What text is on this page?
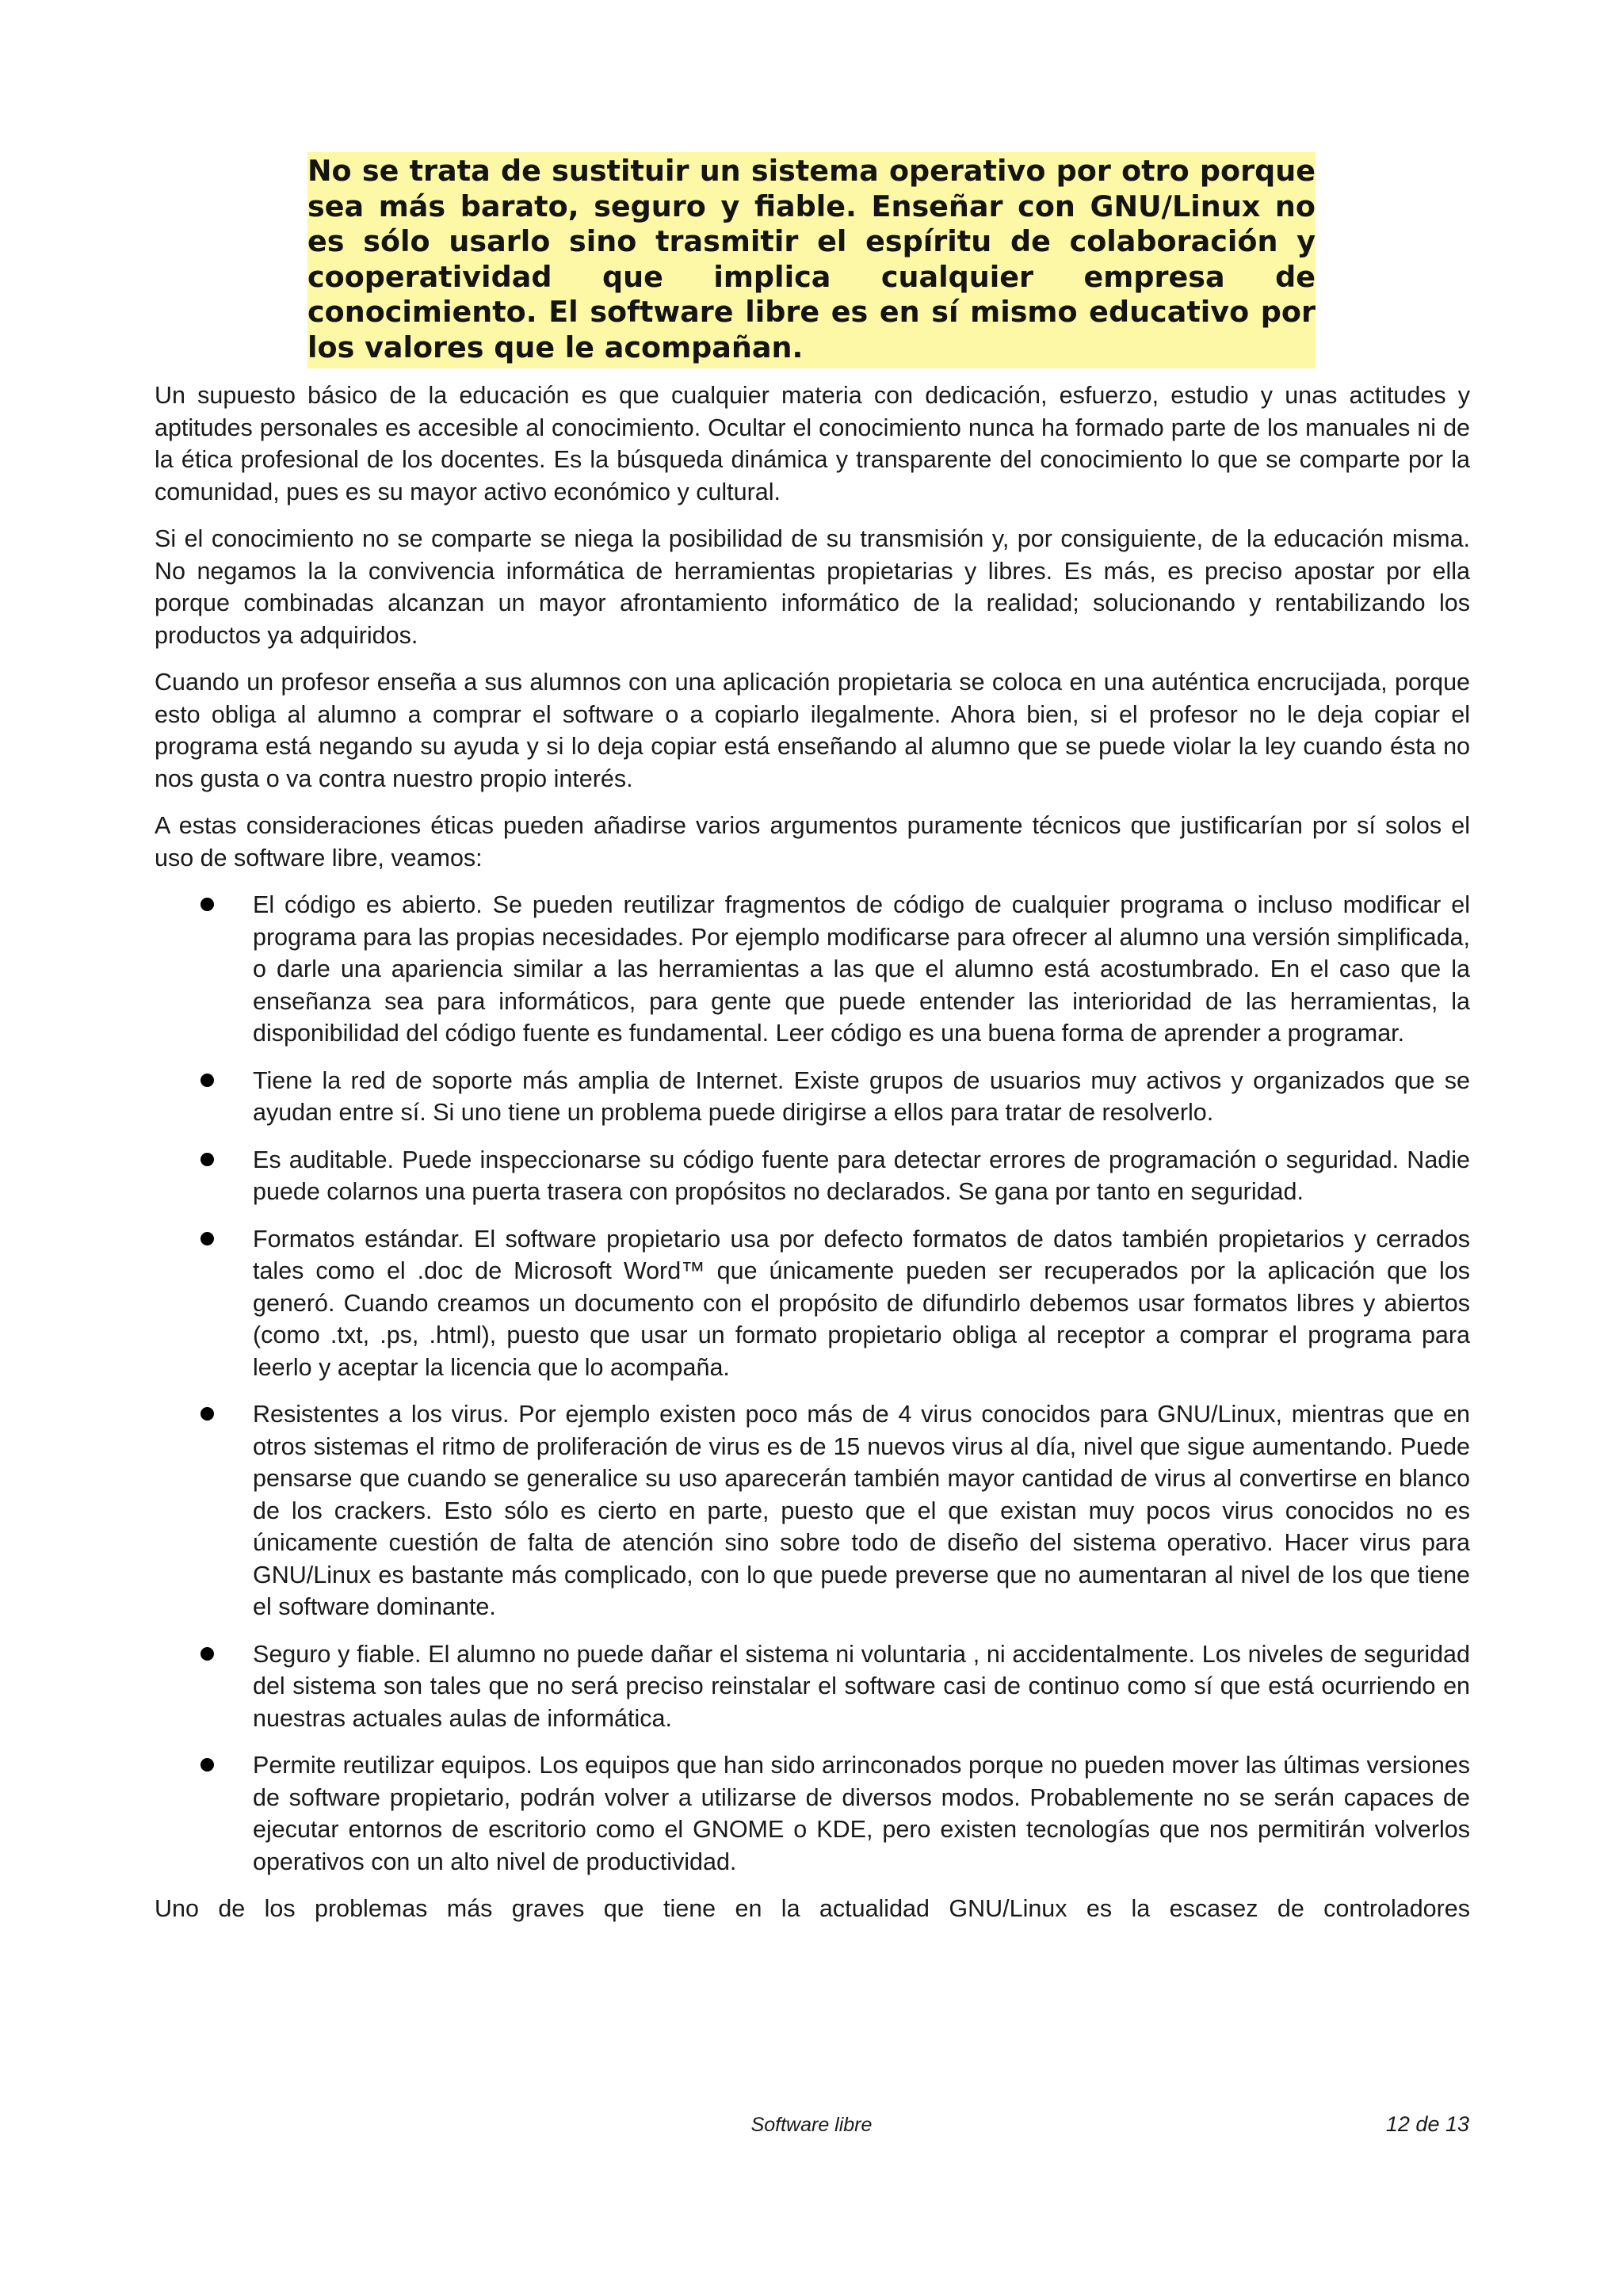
No se trata de sustituir un sistema operativo por otro porque sea más barato, seguro y fiable. Enseñar con GNU/Linux no es sólo usarlo sino trasmitir el espíritu de colaboración y cooperatividad que implica cualquier empresa de conocimiento. El software libre es en sí mismo educativo por los valores que le acompañan.

Un supuesto básico de la educación es que cualquier materia con dedicación, esfuerzo, estudio y unas actitudes y aptitudes personales es accesible al conocimiento. Ocultar el conocimiento nunca ha formado parte de los manuales ni de la ética profesional de los docentes. Es la búsqueda dinámica y transparente del conocimiento lo que se comparte por la comunidad, pues es su mayor activo económico y cultural.

Si el conocimiento no se comparte se niega la posibilidad de su transmisión y, por consiguiente, de la educación misma. No negamos la la convivencia informática de herramientas propietarias y libres. Es más, es preciso apostar por ella porque combinadas alcanzan un mayor afrontamiento informático de la realidad; solucionando y rentabilizando los productos ya adquiridos.

Cuando un profesor enseña a sus alumnos con una aplicación propietaria se coloca en una auténtica encrucijada, porque esto obliga al alumno a comprar el software o a copiarlo ilegalmente. Ahora bien, si el profesor no le deja copiar el programa está negando su ayuda y si lo deja copiar está enseñando al alumno que se puede violar la ley cuando ésta no nos gusta o va contra nuestro propio interés.

A estas consideraciones éticas pueden añadirse varios argumentos puramente técnicos que justificarían por sí solos el uso de software libre, veamos:

El código es abierto. Se pueden reutilizar fragmentos de código de cualquier programa o incluso modificar el programa para las propias necesidades. Por ejemplo modificarse para ofrecer al alumno una versión simplificada, o darle una apariencia similar a las herramientas a las que el alumno está acostumbrado. En el caso que la enseñanza sea para informáticos, para gente que puede entender las interioridad de las herramientas, la disponibilidad del código fuente es fundamental. Leer código es una buena forma de aprender a programar.
Tiene la red de soporte más amplia de Internet. Existe grupos de usuarios muy activos y organizados que se ayudan entre sí. Si uno tiene un problema puede dirigirse a ellos para tratar de resolverlo.
Es auditable. Puede inspeccionarse su código fuente para detectar errores de programación o seguridad. Nadie puede colarnos una puerta trasera con propósitos no declarados. Se gana por tanto en seguridad.
Formatos estándar. El software propietario usa por defecto formatos de datos también propietarios y cerrados tales como el .doc de Microsoft Word™ que únicamente pueden ser recuperados por la aplicación que los generó. Cuando creamos un documento con el propósito de difundirlo debemos usar formatos libres y abiertos (como .txt, .ps, .html), puesto que usar un formato propietario obliga al receptor a comprar el programa para leerlo y aceptar la licencia que lo acompaña.
Resistentes a los virus. Por ejemplo existen poco más de 4 virus conocidos para GNU/Linux, mientras que en otros sistemas el ritmo de proliferación de virus es de 15 nuevos virus al día, nivel que sigue aumentando. Puede pensarse que cuando se generalice su uso aparecerán también mayor cantidad de virus al convertirse en blanco de los crackers. Esto sólo es cierto en parte, puesto que el que existan muy pocos virus conocidos no es únicamente cuestión de falta de atención sino sobre todo de diseño del sistema operativo. Hacer virus para GNU/Linux es bastante más complicado, con lo que puede preverse que no aumentaran al nivel de los que tiene el software dominante.
Seguro y fiable. El alumno no puede dañar el sistema ni voluntaria , ni accidentalmente. Los niveles de seguridad del sistema son tales que no será preciso reinstalar el software casi de continuo como sí que está ocurriendo en nuestras actuales aulas de informática.
Permite reutilizar equipos. Los equipos que han sido arrinconados porque no pueden mover las últimas versiones de software propietario, podrán volver a utilizarse de diversos modos. Probablemente no se serán capaces de ejecutar entornos de escritorio como el GNOME o KDE, pero existen tecnologías que nos permitirán volverlos operativos con un alto nivel de productividad.

Uno de los problemas más graves que tiene en la actualidad GNU/Linux es la escasez de controladores

Software libre	12 de 13
